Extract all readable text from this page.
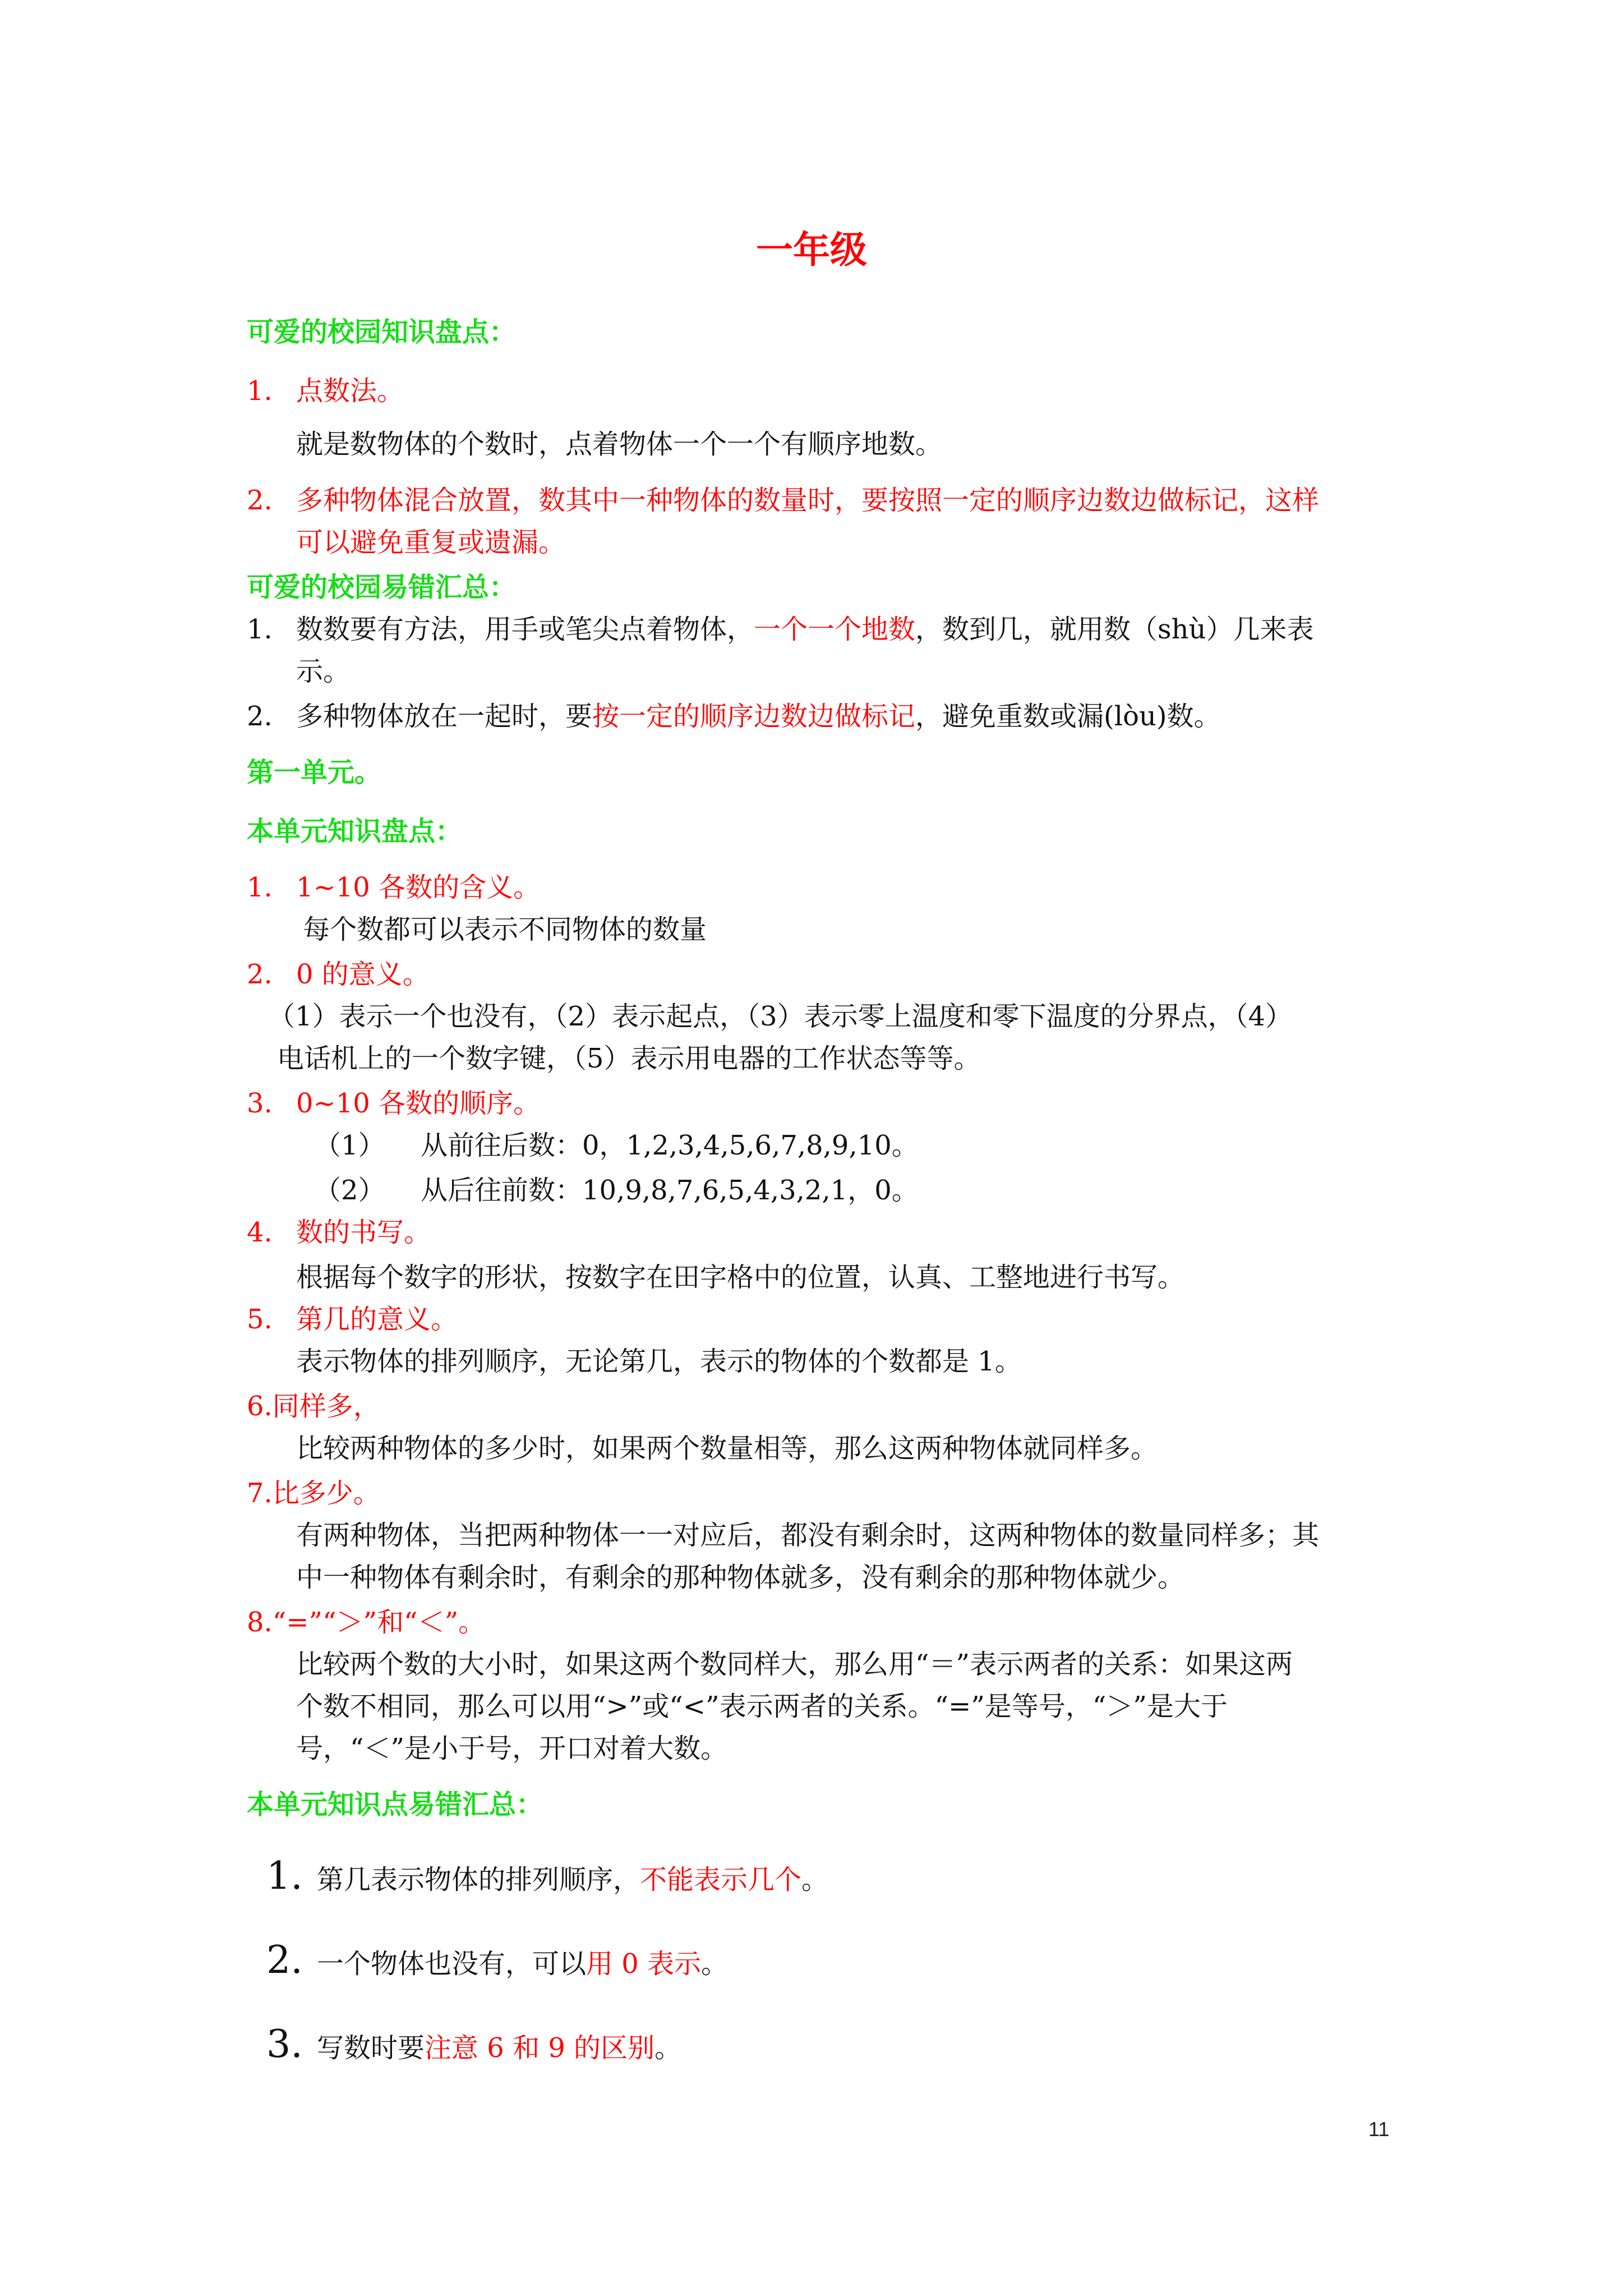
一年级
可爱的校园知识盘点：
1. 点数法。
就是数物体的个数时，点着物体一个一个有顺序地数。
2. 多种物体混合放置，数其中一种物体的数量时，要按照一定的顺序边数边做标记，这样
可以避免重复或遗漏。
可爱的校园易错汇总：
1. 数数要有方法，用手或笔尖点着物体，一个一个地数，数到几，就用数（shù）几来表
示。
2. 多种物体放在一起时，要按一定的顺序边数边做标记，避免重数或漏(lòu)数。
第一单元。
本单元知识盘点：
1. 1~10 各数的含义。
每个数都可以表示不同物体的数量
2. 0 的意义。
（1）表示一个也没有，（2）表示起点，（3）表示零上温度和零下温度的分界点，（4）
电话机上的一个数字键，（5）表示用电器的工作状态等等。
3. 0~10 各数的顺序。
（1） 从前往后数：0，1,2,3,4,5,6,7,8,9,10。
（2） 从后往前数：10,9,8,7,6,5,4,3,2,1，0。
4. 数的书写。
根据每个数字的形状，按数字在田字格中的位置，认真、工整地进行书写。
5. 第几的意义。
表示物体的排列顺序，无论第几，表示的物体的个数都是 1。
6.同样多，
比较两种物体的多少时，如果两个数量相等，那么这两种物体就同样多。
7.比多少。
有两种物体，当把两种物体一一对应后，都没有剩余时，这两种物体的数量同样多；其
中一种物体有剩余时，有剩余的那种物体就多，没有剩余的那种物体就少。
8.“=”“＞”和“＜”。
比较两个数的大小时，如果这两个数同样大，那么用“＝”表示两者的关系：如果这两
个数不相同，那么可以用“>”或“<”表示两者的关系。“=”是等号，“＞”是大于
号，“＜”是小于号，开口对着大数。
本单元知识点易错汇总：
1. 第几表示物体的排列顺序，不能表示几个。
2. 一个物体也没有，可以用 0 表示。
3. 写数时要注意 6 和 9 的区别。
11
